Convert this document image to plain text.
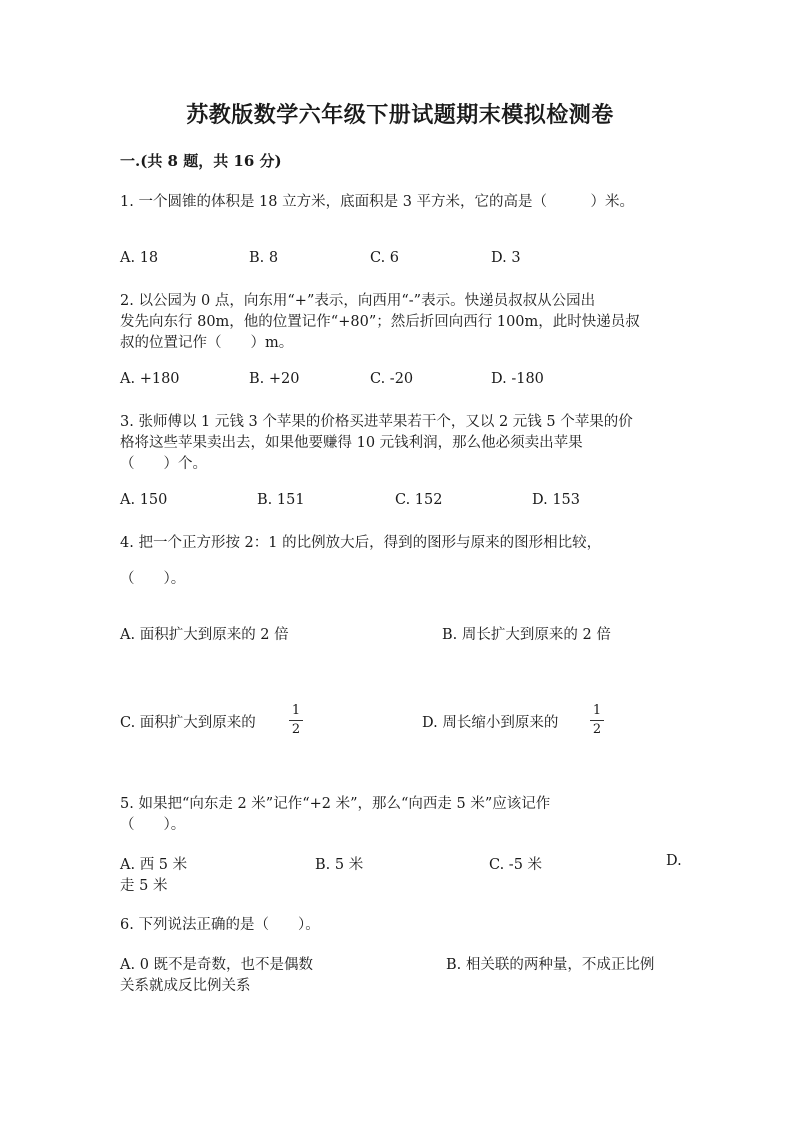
苏教版数学六年级下册试题期末模拟检测卷
一.(共 8 题，共 16 分)
1. 一个圆锥的体积是 18 立方米，底面积是 3 平方米，它的高是（　　　）米。
A. 18	B. 8	C. 6	D. 3
2. 以公园为 0 点，向东用“+”表示，向西用“-”表示。快递员叔叔从公园出
发先向东行 80m，他的位置记作“+80”；然后折回向西行 100m，此时快递员叔
叔的位置记作（　　）m。
A. +180	B. +20	C. -20	D. -180
3. 张师傅以 1 元钱 3 个苹果的价格买进苹果若干个，又以 2 元钱 5 个苹果的价
格将这些苹果卖出去，如果他要赚得 10 元钱利润，那么他必须卖出苹果
（　　）个。
A. 150	B. 151	C. 152	D. 153
4. 把一个正方形按 2：1 的比例放大后，得到的图形与原来的图形相比较，
（　　）。
A. 面积扩大到原来的 2 倍	B. 周长扩大到原来的 2 倍
C. 面积扩大到原来的
1
2	D. 周长缩小到原来的
1
2
5. 如果把“向东走 2 米”记作“+2 米”，那么“向西走 5 米”应该记作
（　　）。
A. 西 5 米	B. 5 米	C. -5 米	D.
走 5 米
6. 下列说法正确的是（　　）。
A. 0 既不是奇数，也不是偶数	B. 相关联的两种量，不成正比例
关系就成反比例关系
